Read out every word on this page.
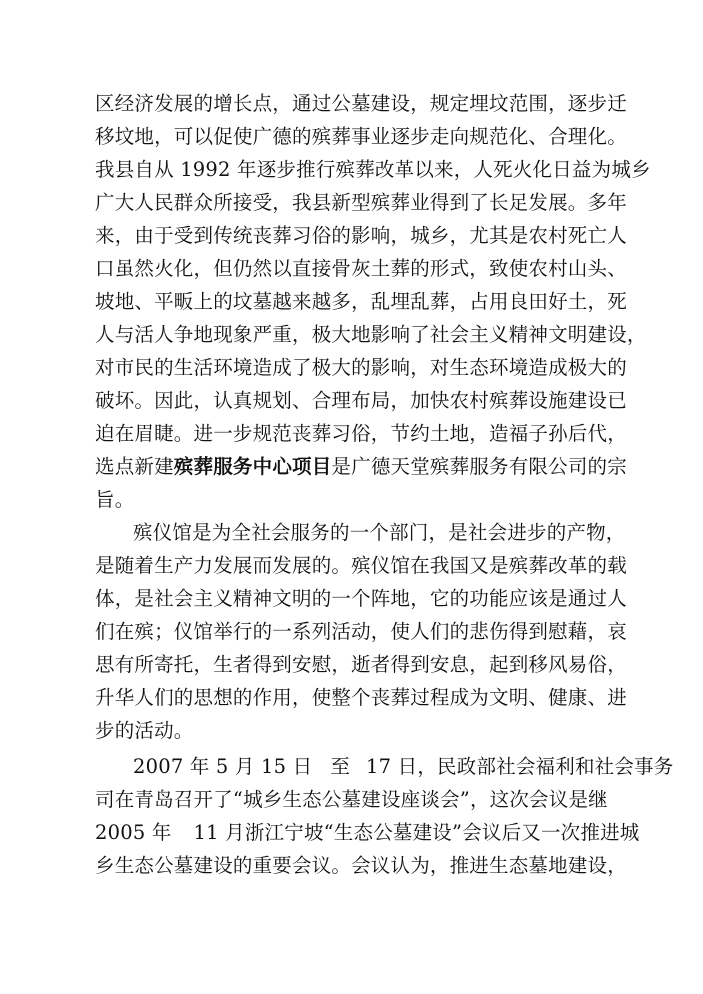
区经济发展的增长点，通过公墓建设，规定埋坟范围，逐步迁
移坟地，可以促使广德的殡葬事业逐步走向规范化、合理化。
我县自从 1992 年逐步推行殡葬改革以来，人死火化日益为城乡
广大人民群众所接受，我县新型殡葬业得到了长足发展。多年
来，由于受到传统丧葬习俗的影响，城乡，尤其是农村死亡人
口虽然火化，但仍然以直接骨灰土葬的形式，致使农村山头、
坡地、平畈上的坟墓越来越多，乱埋乱葬，占用良田好土，死
人与活人争地现象严重，极大地影响了社会主义精神文明建设，
对市民的生活环境造成了极大的影响，对生态环境造成极大的
破坏。因此，认真规划、合理布局，加快农村殡葬设施建设已
迫在眉睫。进一步规范丧葬习俗，节约土地，造福子孙后代，
选点新建殡葬服务中心项目是广德天堂殡葬服务有限公司的宗
旨。
殡仪馆是为全社会服务的一个部门，是社会进步的产物，
是随着生产力发展而发展的。殡仪馆在我国又是殡葬改革的载
体，是社会主义精神文明的一个阵地，它的功能应该是通过人
们在殡；仪馆举行的一系列活动，使人们的悲伤得到慰藉，哀
思有所寄托，生者得到安慰，逝者得到安息，起到移风易俗，
升华人们的思想的作用，使整个丧葬过程成为文明、健康、进
步的活动。
2007 年 5 月 15 日 至 17 日，民政部社会福利和社会事务
司在青岛召开了“城乡生态公墓建设座谈会”，这次会议是继
2005 年 11 月浙江宁坡“生态公墓建设”会议后又一次推进城
乡生态公墓建设的重要会议。会议认为，推进生态墓地建设，
